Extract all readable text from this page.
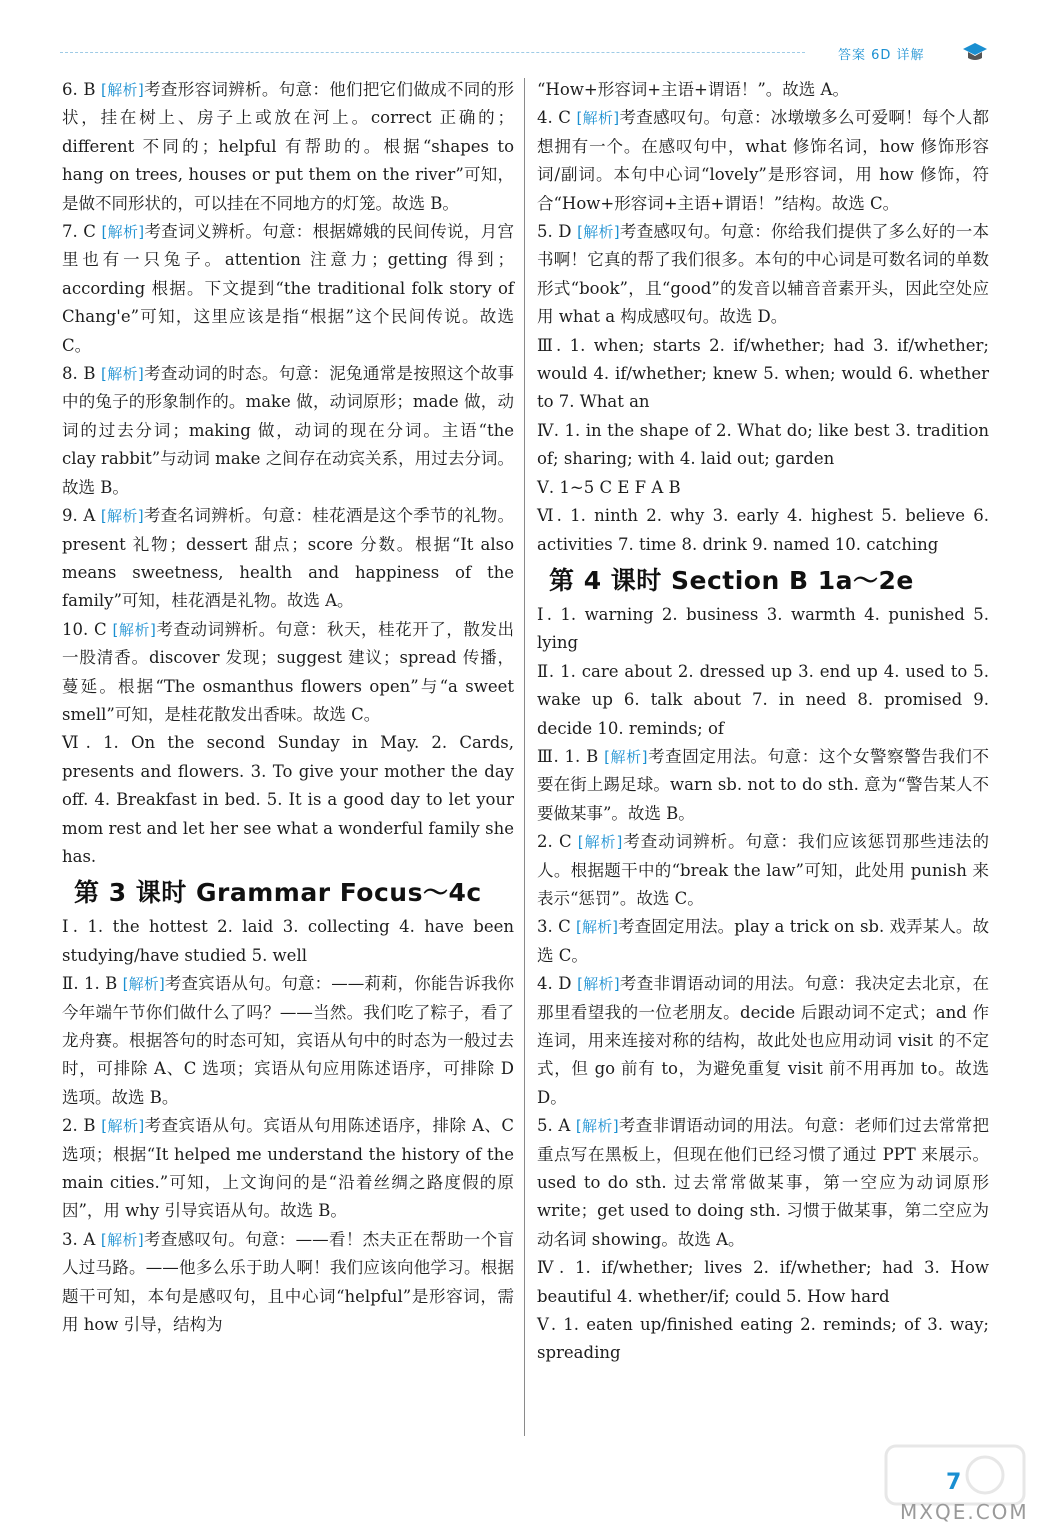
答案 6D 详解

6. B [解析]考查形容词辨析。句意：他们把它们做成不同的形状，挂在树上、房子上或放在河上。correct 正确的；different 不同的；helpful 有帮助的。根据“shapes to hang on trees, houses or put them on the river”可知，是做不同形状的，可以挂在不同地方的灯笼。故选 B。

7. C [解析]考查词义辨析。句意：根据嫦娥的民间传说，月宫里也有一只兔子。attention 注意力；getting 得到；according 根据。下文提到“the traditional folk story of Chang'e”可知，这里应该是指“根据”这个民间传说。故选 C。

8. B [解析]考查动词的时态。句意：泥兔通常是按照这个故事中的兔子的形象制作的。make 做，动词原形；made 做，动词的过去分词；making 做，动词的现在分词。主语“the clay rabbit”与动词 make 之间存在动宾关系，用过去分词。故选 B。

9. A [解析]考查名词辨析。句意：桂花酒是这个季节的礼物。present 礼物；dessert 甜点；score 分数。根据“It also means sweetness, health and happiness of the family”可知，桂花酒是礼物。故选 A。

10. C [解析]考查动词辨析。句意：秋天，桂花开了，散发出一股清香。discover 发现；suggest 建议；spread 传播，蔓延。根据“The osmanthus flowers open”与“a sweet smell”可知，是桂花散发出香味。故选 C。

Ⅵ. 1. On the second Sunday in May. 2. Cards, presents and flowers. 3. To give your mother the day off. 4. Breakfast in bed. 5. It is a good day to let your mom rest and let her see what a wonderful family she has.

第 3 课时 Grammar Focus～4c

Ⅰ. 1. the hottest 2. laid 3. collecting 4. have been studying/have studied 5. well

Ⅱ. 1. B [解析]考查宾语从句。句意：——莉莉，你能告诉我你今年端午节你们做什么了吗？——当然。我们吃了粽子，看了龙舟赛。根据答句的时态可知，宾语从句中的时态为一般过去时，可排除 A、C 选项；宾语从句应用陈述语序，可排除 D 选项。故选 B。

2. B [解析]考查宾语从句。宾语从句用陈述语序，排除 A、C 选项；根据“It helped me understand the history of the main cities.”可知，上文询问的是“沿着丝绸之路度假的原因”，用 why 引导宾语从句。故选 B。

3. A [解析]考查感叹句。句意：——看！杰夫正在帮助一个盲人过马路。——他多么乐于助人啊！我们应该向他学习。根据题干可知，本句是感叹句，且中心词“helpful”是形容词，需用 how 引导，结构为

“How+形容词+主语+谓语！”。故选 A。

4. C [解析]考查感叹句。句意：冰墩墩多么可爱啊！每个人都想拥有一个。在感叹句中，what 修饰名词，how 修饰形容词/副词。本句中心词“lovely”是形容词，用 how 修饰，符合“How+形容词+主语+谓语！”结构。故选 C。

5. D [解析]考查感叹句。句意：你给我们提供了多么好的一本书啊！它真的帮了我们很多。本句的中心词是可数名词的单数形式“book”，且“good”的发音以辅音音素开头，因此空处应用 what a 构成感叹句。故选 D。

Ⅲ. 1. when; starts 2. if/whether; had 3. if/whether; would 4. if/whether; knew 5. when; would 6. whether to 7. What an

Ⅳ. 1. in the shape of 2. What do; like best 3. tradition of; sharing; with 4. laid out; garden

Ⅴ. 1~5 C E F A B

Ⅵ. 1. ninth 2. why 3. early 4. highest 5. believe 6. activities 7. time 8. drink 9. named 10. catching

第 4 课时 Section B 1a～2e

Ⅰ. 1. warning 2. business 3. warmth 4. punished 5. lying

Ⅱ. 1. care about 2. dressed up 3. end up 4. used to 5. wake up 6. talk about 7. in need 8. promised 9. decide 10. reminds; of

Ⅲ. 1. B [解析]考查固定用法。句意：这个女警察警告我们不要在街上踢足球。warn sb. not to do sth. 意为“警告某人不要做某事”。故选 B。

2. C [解析]考查动词辨析。句意：我们应该惩罚那些违法的人。根据题干中的“break the law”可知，此处用 punish 来表示“惩罚”。故选 C。

3. C [解析]考查固定用法。play a trick on sb. 戏弄某人。故选 C。

4. D [解析]考查非谓语动词的用法。句意：我决定去北京，在那里看望我的一位老朋友。decide 后跟动词不定式；and 作连词，用来连接对称的结构，故此处也应用动词 visit 的不定式，但 go 前有 to，为避免重复 visit 前不用再加 to。故选 D。

5. A [解析]考查非谓语动词的用法。句意：老师们过去常常把重点写在黑板上，但现在他们已经习惯了通过 PPT 来展示。used to do sth. 过去常常做某事，第一空应为动词原形 write；get used to doing sth. 习惯于做某事，第二空应为动名词 showing。故选 A。

Ⅳ. 1. if/whether; lives 2. if/whether; had 3. How beautiful 4. whether/if; could 5. How hard

Ⅴ. 1. eaten up/finished eating 2. reminds; of 3. way; spreading

7
MXQE.COM
